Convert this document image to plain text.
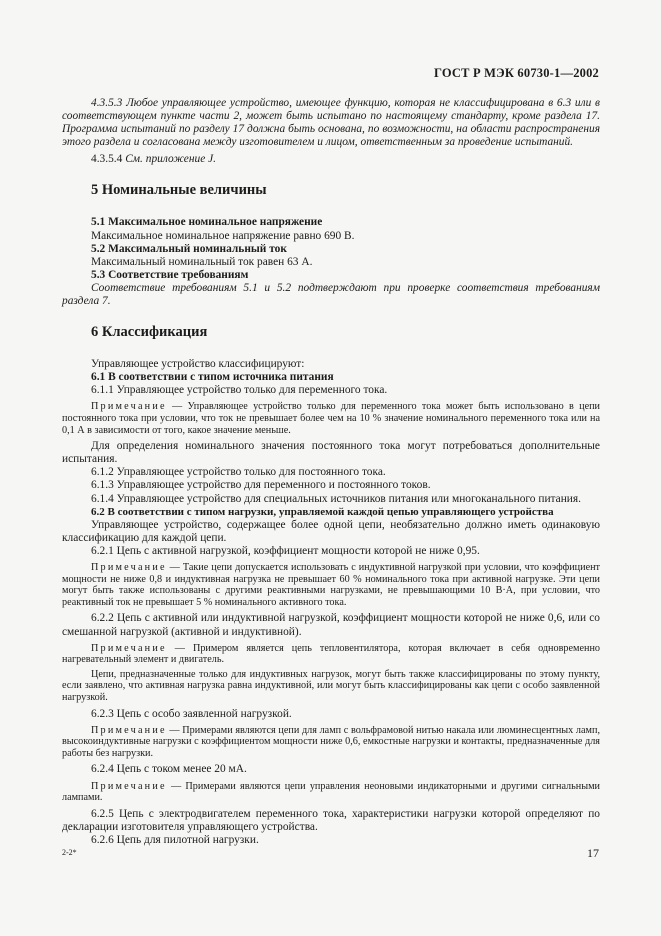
ГОСТ Р МЭК 60730-1—2002

4.3.5.3 Любое управляющее устройство, имеющее функцию, которая не классифицирована в 6.3 или в соответствующем пункте части 2, может быть испытано по настоящему стандарту, кроме раздела 17. Программа испытаний по разделу 17 должна быть основана, по возможности, на области распространения этого раздела и согласована между изготовителем и лицом, ответственным за проведение испытаний.

4.3.5.4 См. приложение J.

5 Номинальные величины

5.1 Максимальное номинальное напряжение

Максимальное номинальное напряжение равно 690 В.

5.2 Максимальный номинальный ток

Максимальный номинальный ток равен 63 А.

5.3 Соответствие требованиям

Соответствие требованиям 5.1 и 5.2 подтверждают при проверке соответствия требованиям раздела 7.

6 Классификация

Управляющее устройство классифицируют:

6.1 В соответствии с типом источника питания

6.1.1 Управляющее устройство только для переменного тока.

Примечание — Управляющее устройство только для переменного тока может быть использовано в цепи постоянного тока при условии, что ток не превышает более чем на 10 % значение номинального переменного тока или на 0,1 А в зависимости от того, какое значение меньше.

Для определения номинального значения постоянного тока могут потребоваться дополнительные испытания.

6.1.2 Управляющее устройство только для постоянного тока.

6.1.3 Управляющее устройство для переменного и постоянного токов.

6.1.4 Управляющее устройство для специальных источников питания или многоканального питания.

6.2 В соответствии с типом нагрузки, управляемой каждой цепью управляющего устройства

Управляющее устройство, содержащее более одной цепи, необязательно должно иметь одинаковую классификацию для каждой цепи.

6.2.1 Цепь с активной нагрузкой, коэффициент мощности которой не ниже 0,95.

Примечание — Такие цепи допускается использовать с индуктивной нагрузкой при условии, что коэффициент мощности не ниже 0,8 и индуктивная нагрузка не превышает 60 % номинального тока при активной нагрузке. Эти цепи могут быть также использованы с другими реактивными нагрузками, не превышающими 10 В·А, при условии, что реактивный ток не превышает 5 % номинального активного тока.

6.2.2 Цепь с активной или индуктивной нагрузкой, коэффициент мощности которой не ниже 0,6, или со смешанной нагрузкой (активной и индуктивной).

Примечание — Примером является цепь тепловентилятора, которая включает в себя одновременно нагревательный элемент и двигатель.

Цепи, предназначенные только для индуктивных нагрузок, могут быть также классифицированы по этому пункту, если заявлено, что активная нагрузка равна индуктивной, или могут быть классифицированы как цепи с особо заявленной нагрузкой.

6.2.3 Цепь с особо заявленной нагрузкой.

Примечание — Примерами являются цепи для ламп с вольфрамовой нитью накала или люминесцентных ламп, высокоиндуктивные нагрузки с коэффициентом мощности ниже 0,6, емкостные нагрузки и контакты, предназначенные для работы без нагрузки.

6.2.4 Цепь с током менее 20 мА.

Примечание — Примерами являются цепи управления неоновыми индикаторными и другими сигнальными лампами.

6.2.5 Цепь с электродвигателем переменного тока, характеристики нагрузки которой определяют по декларации изготовителя управляющего устройства.

6.2.6 Цепь для пилотной нагрузки.

2-2*	17
